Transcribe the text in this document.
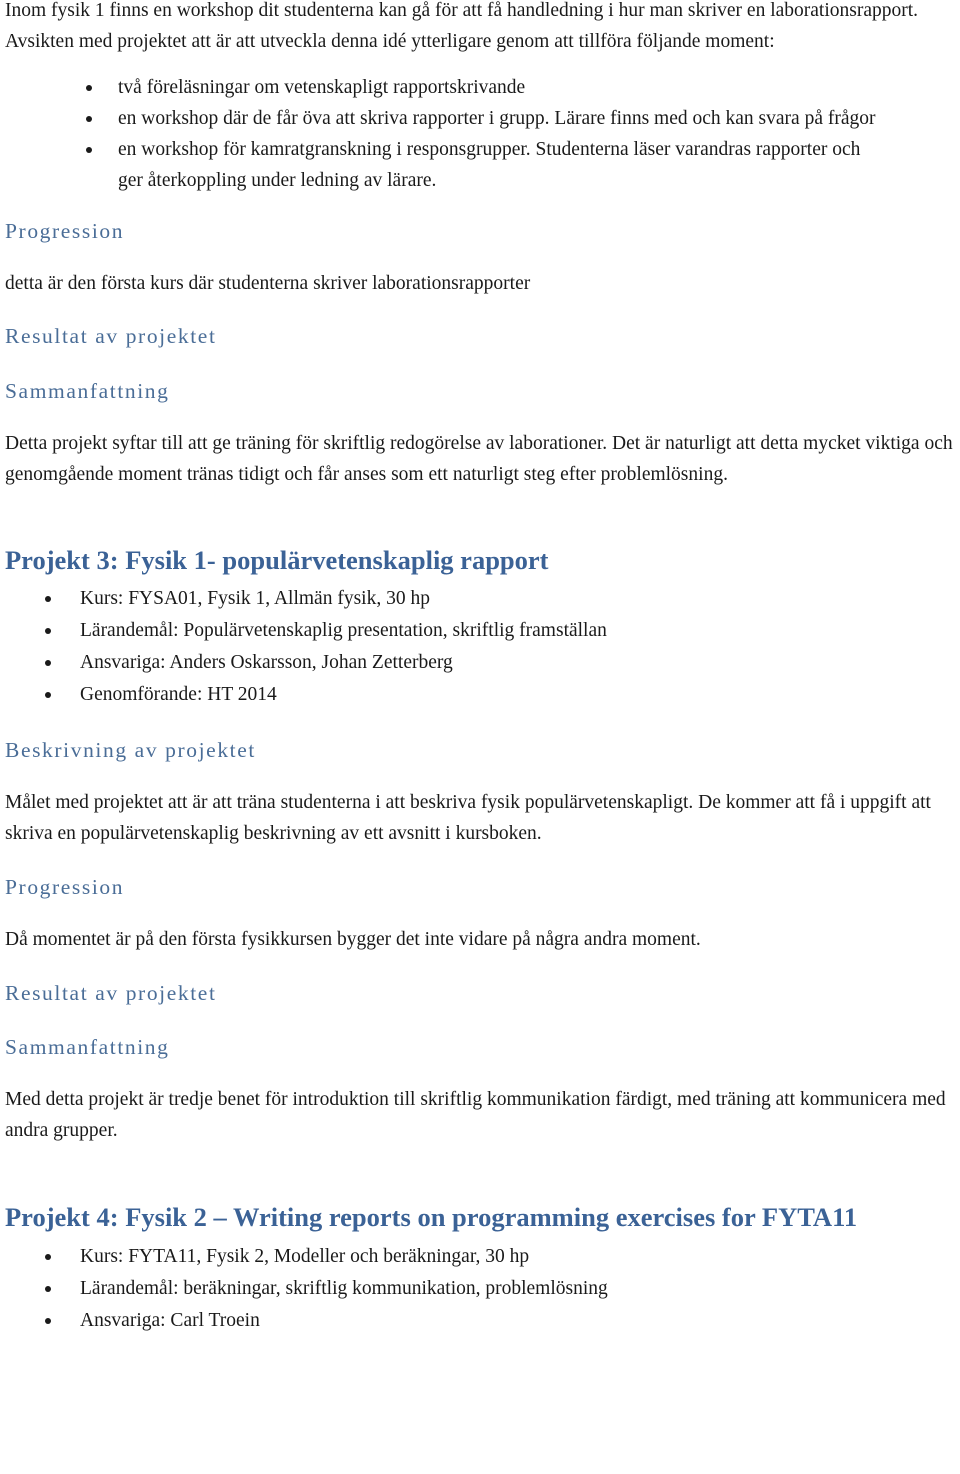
Inom fysik 1 finns en workshop dit studenterna kan gå för att få handledning i hur man skriver en laborationsrapport. Avsikten med projektet att är att utveckla denna idé ytterligare genom att tillföra följande moment:

två föreläsningar om vetenskapligt rapportskrivande
en workshop där de får öva att skriva rapporter i grupp. Lärare finns med och kan svara på frågor
en workshop för kamratgranskning i responsgrupper. Studenterna läser varandras rapporter och ger återkoppling under ledning av lärare.
Progression

detta är den första kurs där studenterna skriver laborationsrapporter

Resultat av projektet
Sammanfattning

Detta projekt syftar till att ge träning för skriftlig redogörelse av laborationer. Det är naturligt att detta mycket viktiga och genomgående moment tränas tidigt och får anses som ett naturligt steg efter problemlösning.

Projekt 3: Fysik 1- populärvetenskaplig rapport
Kurs: FYSA01, Fysik 1, Allmän fysik, 30 hp
Lärandemål: Populärvetenskaplig presentation, skriftlig framställan
Ansvariga: Anders Oskarsson, Johan Zetterberg
Genomförande: HT 2014
Beskrivning av projektet

Målet med projektet att är att träna studenterna i att beskriva fysik populärvetenskapligt. De kommer att få i uppgift att skriva en populärvetenskaplig beskrivning av ett avsnitt i kursboken.

Progression

Då momentet är på den första fysikkursen bygger det inte vidare på några andra moment.

Resultat av projektet
Sammanfattning

Med detta projekt är tredje benet för introduktion till skriftlig kommunikation färdigt, med träning att kommunicera med andra grupper.

Projekt 4: Fysik 2 – Writing reports on programming exercises for FYTA11
Kurs: FYTA11, Fysik 2, Modeller och beräkningar, 30 hp
Lärandemål: beräkningar, skriftlig kommunikation, problemlösning
Ansvariga: Carl Troein
